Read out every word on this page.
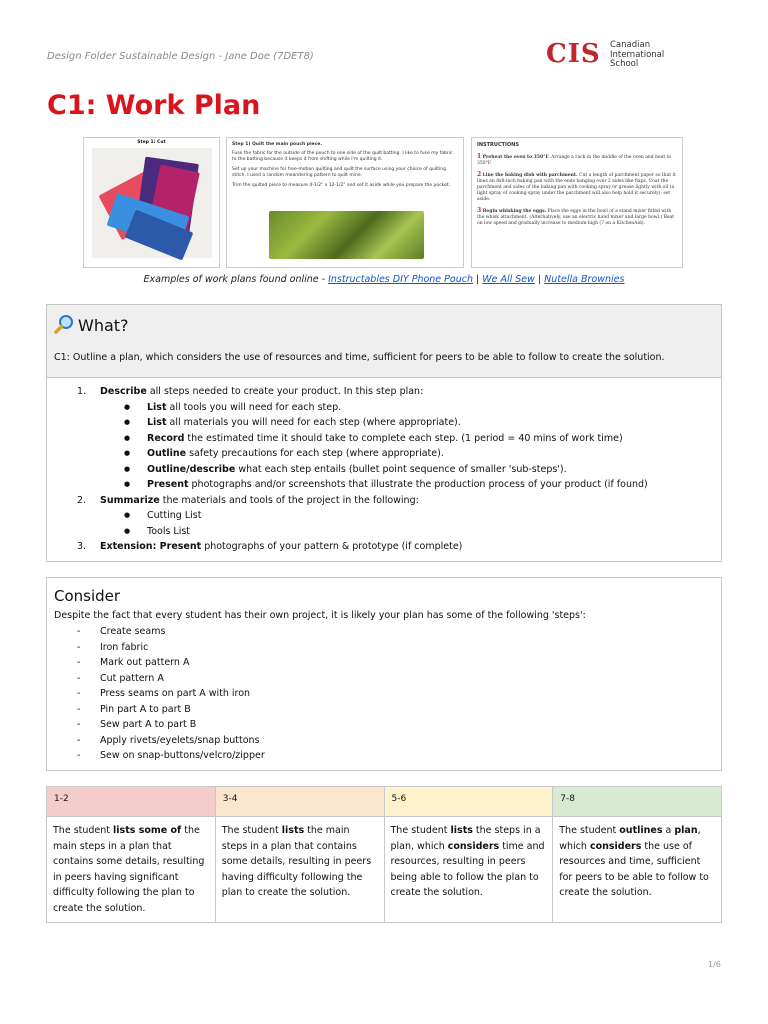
Design Folder Sustainable Design - Jane Doe (7DET8)	CIS Canadian
International
School
C1: Work Plan
Step 1: Cut	Step 1) Quilt the main pouch piece.

Fuse the fabric for the outside of the pouch to one side of the quilt batting. I like to fuse my fabric to the batting because it keeps it from shifting while I'm quilting it.

Set up your machine for free-motion quilting and quilt the surface using your choice of quilting stitch. I used a random meandering pattern to quilt mine.

Trim the quilted piece to measure 4-1/2" x 12-1/2" and set it aside while you prepare the pocket.

INSTRUCTIONS
1 Preheat the oven to 350°F. Arrange a rack in the middle of the oven and heat to 350°F.
2 Line the baking dish with parchment. Cut a length of parchment paper so that it lines an 8x8-inch baking pan with the ends hanging over 2 sides like flaps. Coat the parchment and sides of the baking pan with cooking spray or grease lightly with oil (a light spray of cooking spray under the parchment will also help hold it securely); set aside.
3 Begin whisking the eggs. Place the eggs in the bowl of a stand mixer fitted with the whisk attachment. (Alternatively, use an electric hand mixer and large bowl.) Beat on low speed and gradually increase to medium-high (7 on a KitchenAid).
Examples of work plans found online - Instructables DIY Phone Pouch | We All Sew | Nutella Brownies
What?
C1: Outline a plan, which considers the use of resources and time, sufficient for peers to be able to follow to create the solution.
1. Describe all steps needed to create your product. In this step plan:
● List all tools you will need for each step.
● List all materials you will need for each step (where appropriate).
● Record the estimated time it should take to complete each step. (1 period = 40 mins of work time)
● Outline safety precautions for each step (where appropriate).
● Outline/describe what each step entails (bullet point sequence of smaller 'sub-steps').
● Present photographs and/or screenshots that illustrate the production process of your product (if found)
2. Summarize the materials and tools of the project in the following:
● Cutting List
● Tools List
3. Extension: Present photographs of your pattern & prototype (if complete)
Consider
Despite the fact that every student has their own project, it is likely your plan has some of the following 'steps':
- Create seams
- Iron fabric
- Mark out pattern A
- Cut pattern A
- Press seams on part A with iron
- Pin part A to part B
- Sew part A to part B
- Apply rivets/eyelets/snap buttons
- Sew on snap-buttons/velcro/zipper
1-2	3-4	5-6	7-8
The student lists some of the main steps in a plan that contains some details, resulting in peers having significant difficulty following the plan to create the solution.	The student lists the main steps in a plan that contains some details, resulting in peers having difficulty following the plan to create the solution.	The student lists the steps in a plan, which considers time and resources, resulting in peers being able to follow the plan to create the solution.	The student outlines a plan, which considers the use of resources and time, sufficient for peers to be able to follow to create the solution.
1/6
